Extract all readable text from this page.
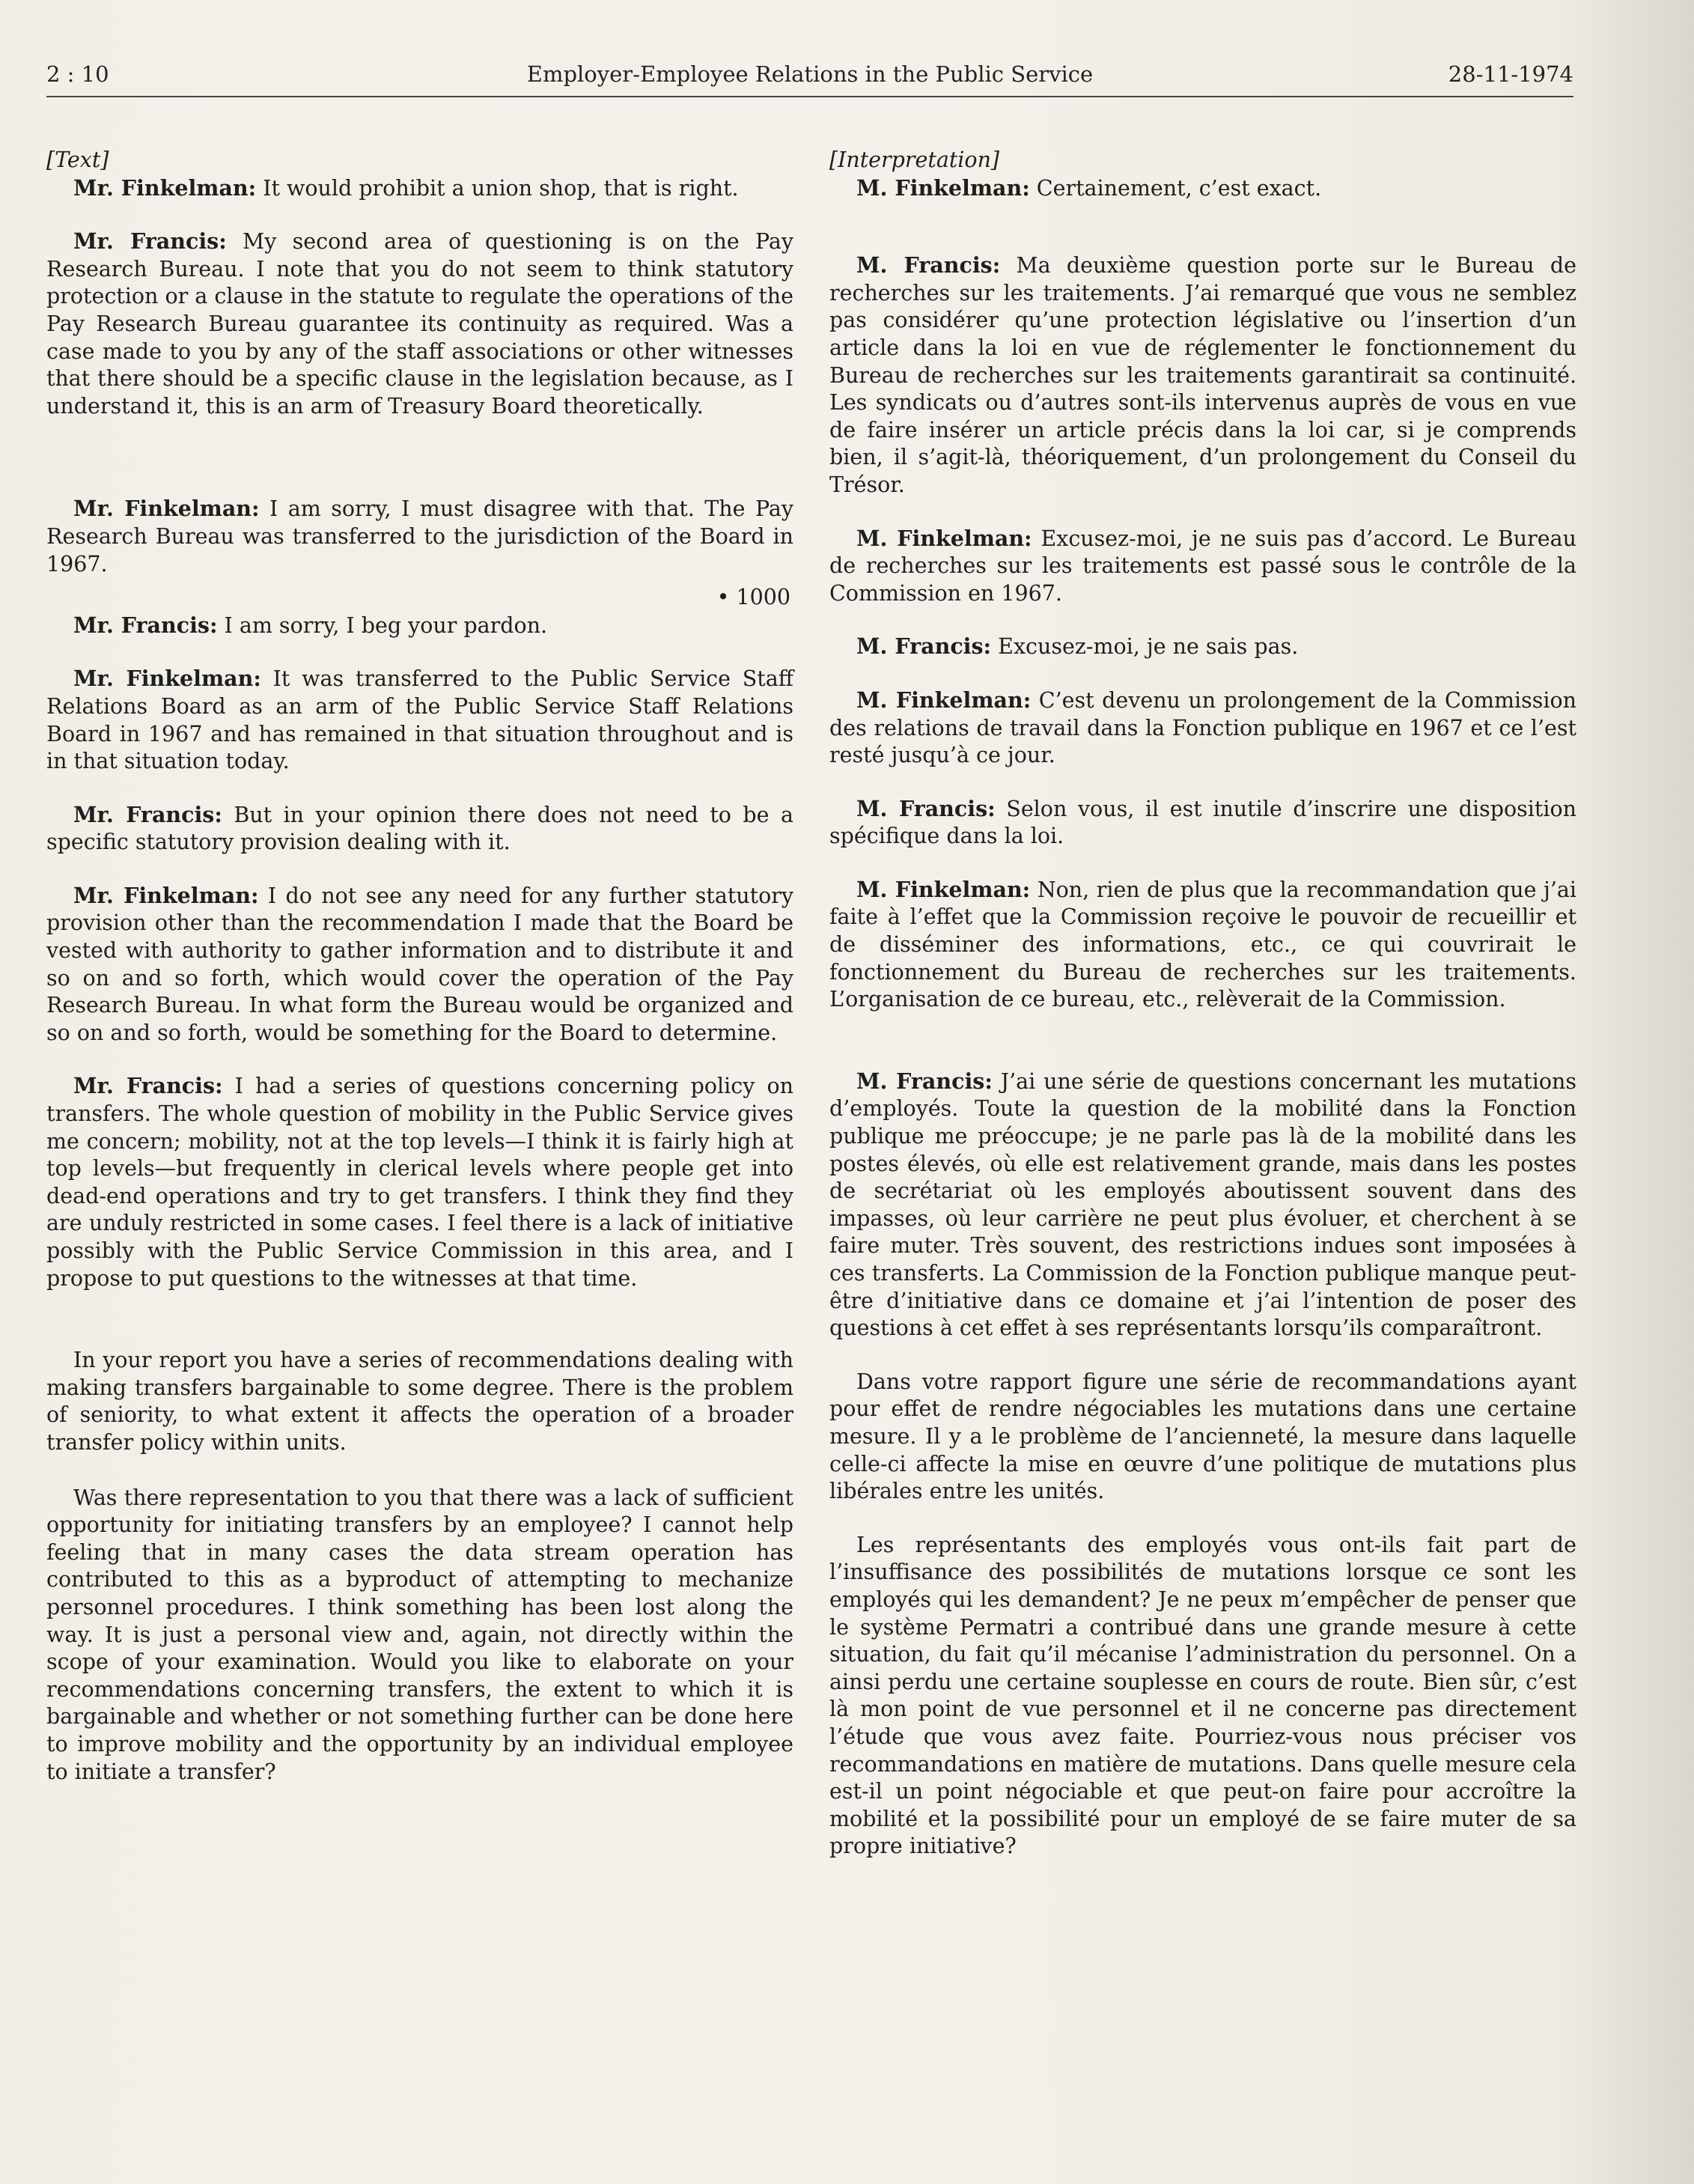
2 : 10	Employer-Employee Relations in the Public Service	28-11-1974

[Text]

Mr. Finkelman: It would prohibit a union shop, that is right.

Mr. Francis: My second area of questioning is on the Pay Research Bureau. I note that you do not seem to think statutory protection or a clause in the statute to regulate the operations of the Pay Research Bureau guarantee its continuity as required. Was a case made to you by any of the staff associations or other witnesses that there should be a specific clause in the legislation because, as I understand it, this is an arm of Treasury Board theoretically.

Mr. Finkelman: I am sorry, I must disagree with that. The Pay Research Bureau was transferred to the jurisdiction of the Board in 1967.

• 1000

Mr. Francis: I am sorry, I beg your pardon.

Mr. Finkelman: It was transferred to the Public Service Staff Relations Board as an arm of the Public Service Staff Relations Board in 1967 and has remained in that situation throughout and is in that situation today.

Mr. Francis: But in your opinion there does not need to be a specific statutory provision dealing with it.

Mr. Finkelman: I do not see any need for any further statutory provision other than the recommendation I made that the Board be vested with authority to gather information and to distribute it and so on and so forth, which would cover the operation of the Pay Research Bureau. In what form the Bureau would be organized and so on and so forth, would be something for the Board to determine.

Mr. Francis: I had a series of questions concerning policy on transfers. The whole question of mobility in the Public Service gives me concern; mobility, not at the top levels—I think it is fairly high at top levels—but frequently in clerical levels where people get into dead-end operations and try to get transfers. I think they find they are unduly restricted in some cases. I feel there is a lack of initiative possibly with the Public Service Commission in this area, and I propose to put questions to the witnesses at that time.

In your report you have a series of recommendations dealing with making transfers bargainable to some degree. There is the problem of seniority, to what extent it affects the operation of a broader transfer policy within units.

Was there representation to you that there was a lack of sufficient opportunity for initiating transfers by an employee? I cannot help feeling that in many cases the data stream operation has contributed to this as a byproduct of attempting to mechanize personnel procedures. I think something has been lost along the way. It is just a personal view and, again, not directly within the scope of your examination. Would you like to elaborate on your recommendations concerning transfers, the extent to which it is bargainable and whether or not something further can be done here to improve mobility and the opportunity by an individual employee to initiate a transfer?

[Interpretation]

M. Finkelman: Certainement, c’est exact.

M. Francis: Ma deuxième question porte sur le Bureau de recherches sur les traitements. J’ai remarqué que vous ne semblez pas considérer qu’une protection législative ou l’insertion d’un article dans la loi en vue de réglementer le fonctionnement du Bureau de recherches sur les traitements garantirait sa continuité. Les syndicats ou d’autres sont-ils intervenus auprès de vous en vue de faire insérer un article précis dans la loi car, si je comprends bien, il s’agit-là, théoriquement, d’un prolongement du Conseil du Trésor.

M. Finkelman: Excusez-moi, je ne suis pas d’accord. Le Bureau de recherches sur les traitements est passé sous le contrôle de la Commission en 1967.

M. Francis: Excusez-moi, je ne sais pas.

M. Finkelman: C’est devenu un prolongement de la Commission des relations de travail dans la Fonction publique en 1967 et ce l’est resté jusqu’à ce jour.

M. Francis: Selon vous, il est inutile d’inscrire une disposition spécifique dans la loi.

M. Finkelman: Non, rien de plus que la recommandation que j’ai faite à l’effet que la Commission reçoive le pouvoir de recueillir et de disséminer des informations, etc., ce qui couvrirait le fonctionnement du Bureau de recherches sur les traitements. L’organisation de ce bureau, etc., relèverait de la Commission.

M. Francis: J’ai une série de questions concernant les mutations d’employés. Toute la question de la mobilité dans la Fonction publique me préoccupe; je ne parle pas là de la mobilité dans les postes élevés, où elle est relativement grande, mais dans les postes de secrétariat où les employés aboutissent souvent dans des impasses, où leur carrière ne peut plus évoluer, et cherchent à se faire muter. Très souvent, des restrictions indues sont imposées à ces transferts. La Commission de la Fonction publique manque peut-être d’initiative dans ce domaine et j’ai l’intention de poser des questions à cet effet à ses représentants lorsqu’ils comparaîtront.

Dans votre rapport figure une série de recommandations ayant pour effet de rendre négociables les mutations dans une certaine mesure. Il y a le problème de l’ancienneté, la mesure dans laquelle celle-ci affecte la mise en œuvre d’une politique de mutations plus libérales entre les unités.

Les représentants des employés vous ont-ils fait part de l’insuffisance des possibilités de mutations lorsque ce sont les employés qui les demandent? Je ne peux m’empêcher de penser que le système Permatri a contribué dans une grande mesure à cette situation, du fait qu’il mécanise l’administration du personnel. On a ainsi perdu une certaine souplesse en cours de route. Bien sûr, c’est là mon point de vue personnel et il ne concerne pas directement l’étude que vous avez faite. Pourriez-vous nous préciser vos recommandations en matière de mutations. Dans quelle mesure cela est-il un point négociable et que peut-on faire pour accroître la mobilité et la possibilité pour un employé de se faire muter de sa propre initiative?
